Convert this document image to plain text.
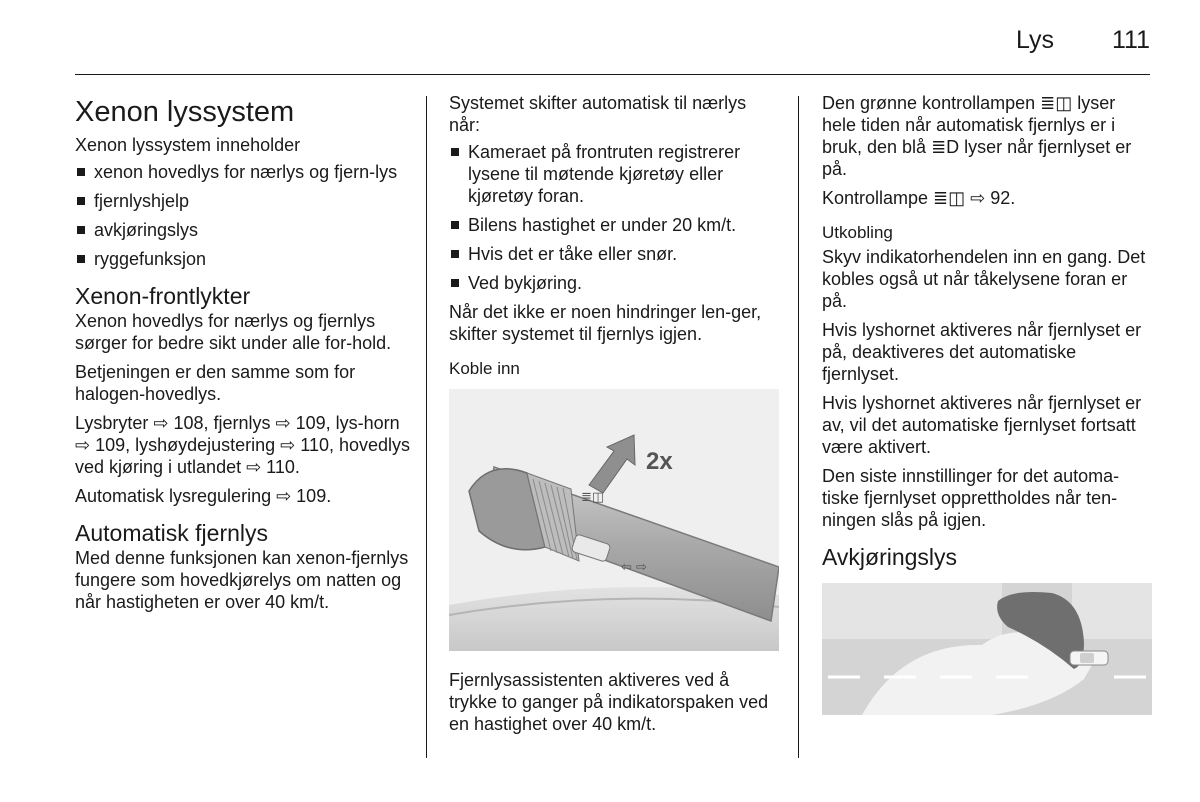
Lys 111
Xenon lyssystem
Xenon lyssystem inneholder
xenon hovedlys for nærlys og fjern-lys
fjernlyshjelp
avkjøringslys
ryggefunksjon
Xenon-frontlykter
Xenon hovedlys for nærlys og fjernlys sørger for bedre sikt under alle for-hold.
Betjeningen er den samme som for halogen-hovedlys.
Lysbryter ⇨ 108, fjernlys ⇨ 109, lys-horn ⇨ 109, lyshøydejustering ⇨ 110, hovedlys ved kjøring i utlandet ⇨ 110.
Automatisk lysregulering ⇨ 109.
Automatisk fjernlys
Med denne funksjonen kan xenon-fjernlys fungere som hovedkjørelys om natten og når hastigheten er over 40 km/t.
Systemet skifter automatisk til nærlys når:
Kameraet på frontruten registrerer lysene til møtende kjøretøy eller kjøretøy foran.
Bilens hastighet er under 20 km/t.
Hvis det er tåke eller snør.
Ved bykjøring.
Når det ikke er noen hindringer len-ger, skifter systemet til fjernlys igjen.
Koble inn
≣◫
⇦ ⇨
2x
Fjernlysassistenten aktiveres ved å trykke to ganger på indikatorspaken ved en hastighet over 40 km/t.
Den grønne kontrollampen ≣◫ lyser hele tiden når automatisk fjernlys er i bruk, den blå ≣D lyser når fjernlyset er på.
Kontrollampe ≣◫ ⇨ 92.
Utkobling
Skyv indikatorhendelen inn en gang. Det kobles også ut når tåkelysene foran er på.
Hvis lyshornet aktiveres når fjernlyset er på, deaktiveres det automatiske fjernlyset.
Hvis lyshornet aktiveres når fjernlyset er av, vil det automatiske fjernlyset fortsatt være aktivert.
Den siste innstillinger for det automa-tiske fjernlyset opprettholdes når ten-ningen slås på igjen.
Avkjøringslys
